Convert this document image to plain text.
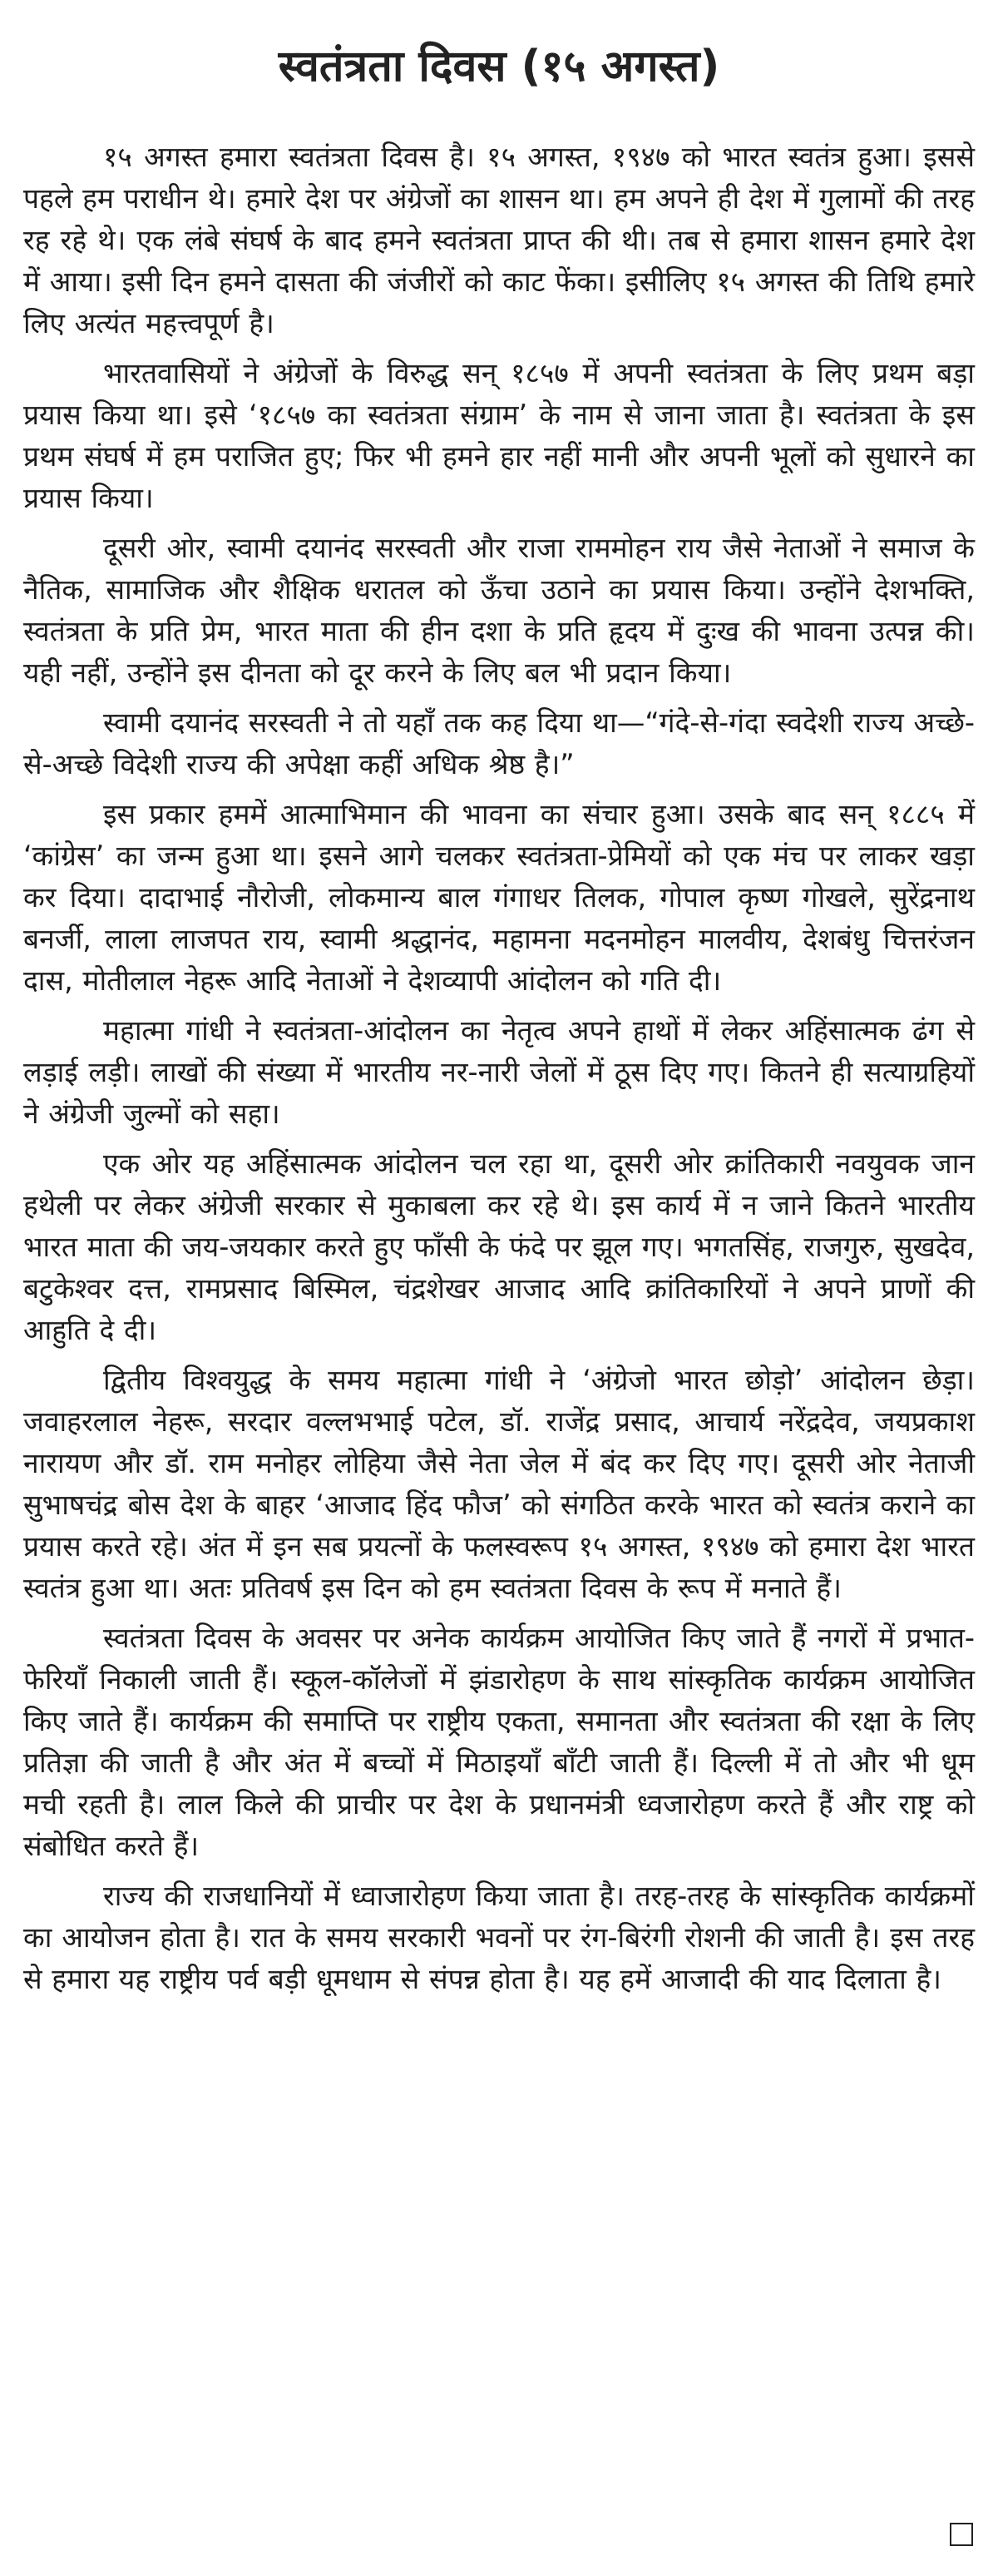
स्वतंत्रता दिवस (१५ अगस्त)

१५ अगस्त हमारा स्वतंत्रता दिवस है। १५ अगस्त, १९४७ को भारत स्वतंत्र हुआ। इससे पहले हम पराधीन थे। हमारे देश पर अंग्रेजों का शासन था। हम अपने ही देश में गुलामों की तरह रह रहे थे। एक लंबे संघर्ष के बाद हमने स्वतंत्रता प्राप्त की थी। तब से हमारा शासन हमारे देश में आया। इसी दिन हमने दासता की जंजीरों को काट फेंका। इसीलिए १५ अगस्त की तिथि हमारे लिए अत्यंत महत्त्वपूर्ण है।

भारतवासियों ने अंग्रेजों के विरुद्ध सन् १८५७ में अपनी स्वतंत्रता के लिए प्रथम बड़ा प्रयास किया था। इसे ‘१८५७ का स्वतंत्रता संग्राम’ के नाम से जाना जाता है। स्वतंत्रता के इस प्रथम संघर्ष में हम पराजित हुए; फिर भी हमने हार नहीं मानी और अपनी भूलों को सुधारने का प्रयास किया।

दूसरी ओर, स्वामी दयानंद सरस्वती और राजा राममोहन राय जैसे नेताओं ने समाज के नैतिक, सामाजिक और शैक्षिक धरातल को ऊँचा उठाने का प्रयास किया। उन्होंने देशभक्ति, स्वतंत्रता के प्रति प्रेम, भारत माता की हीन दशा के प्रति हृदय में दुःख की भावना उत्पन्न की। यही नहीं, उन्होंने इस दीनता को दूर करने के लिए बल भी प्रदान किया।

स्वामी दयानंद सरस्वती ने तो यहाँ तक कह दिया था—“गंदे-से-गंदा स्वदेशी राज्य अच्छे-से-अच्छे विदेशी राज्य की अपेक्षा कहीं अधिक श्रेष्ठ है।”

इस प्रकार हममें आत्माभिमान की भावना का संचार हुआ। उसके बाद सन् १८८५ में ‘कांग्रेस’ का जन्म हुआ था। इसने आगे चलकर स्वतंत्रता-प्रेमियों को एक मंच पर लाकर खड़ा कर दिया। दादाभाई नौरोजी, लोकमान्य बाल गंगाधर तिलक, गोपाल कृष्ण गोखले, सुरेंद्रनाथ बनर्जी, लाला लाजपत राय, स्वामी श्रद्धानंद, महामना मदनमोहन मालवीय, देशबंधु चित्तरंजन दास, मोतीलाल नेहरू आदि नेताओं ने देशव्यापी आंदोलन को गति दी।

महात्मा गांधी ने स्वतंत्रता-आंदोलन का नेतृत्व अपने हाथों में लेकर अहिंसात्मक ढंग से लड़ाई लड़ी। लाखों की संख्या में भारतीय नर-नारी जेलों में ठूस दिए गए। कितने ही सत्याग्रहियों ने अंग्रेजी जुल्मों को सहा।

एक ओर यह अहिंसात्मक आंदोलन चल रहा था, दूसरी ओर क्रांतिकारी नवयुवक जान हथेली पर लेकर अंग्रेजी सरकार से मुकाबला कर रहे थे। इस कार्य में न जाने कितने भारतीय भारत माता की जय-जयकार करते हुए फाँसी के फंदे पर झूल गए। भगतसिंह, राजगुरु, सुखदेव, बटुकेश्वर दत्त, रामप्रसाद बिस्मिल, चंद्रशेखर आजाद आदि क्रांतिकारियों ने अपने प्राणों की आहुति दे दी।

द्वितीय विश्वयुद्ध के समय महात्मा गांधी ने ‘अंग्रेजो भारत छोड़ो’ आंदोलन छेड़ा। जवाहरलाल नेहरू, सरदार वल्लभभाई पटेल, डॉ. राजेंद्र प्रसाद, आचार्य नरेंद्रदेव, जयप्रकाश नारायण और डॉ. राम मनोहर लोहिया जैसे नेता जेल में बंद कर दिए गए। दूसरी ओर नेताजी सुभाषचंद्र बोस देश के बाहर ‘आजाद हिंद फौज’ को संगठित करके भारत को स्वतंत्र कराने का प्रयास करते रहे। अंत में इन सब प्रयत्नों के फलस्वरूप १५ अगस्त, १९४७ को हमारा देश भारत स्वतंत्र हुआ था। अतः प्रतिवर्ष इस दिन को हम स्वतंत्रता दिवस के रूप में मनाते हैं।

स्वतंत्रता दिवस के अवसर पर अनेक कार्यक्रम आयोजित किए जाते हैं नगरों में प्रभात-फेरियाँ निकाली जाती हैं। स्कूल-कॉलेजों में झंडारोहण के साथ सांस्कृतिक कार्यक्रम आयोजित किए जाते हैं। कार्यक्रम की समाप्ति पर राष्ट्रीय एकता, समानता और स्वतंत्रता की रक्षा के लिए प्रतिज्ञा की जाती है और अंत में बच्चों में मिठाइयाँ बाँटी जाती हैं। दिल्ली में तो और भी धूम मची रहती है। लाल किले की प्राचीर पर देश के प्रधानमंत्री ध्वजारोहण करते हैं और राष्ट्र को संबोधित करते हैं।

राज्य की राजधानियों में ध्वाजारोहण किया जाता है। तरह-तरह के सांस्कृतिक कार्यक्रमों का आयोजन होता है। रात के समय सरकारी भवनों पर रंग-बिरंगी रोशनी की जाती है। इस तरह से हमारा यह राष्ट्रीय पर्व बड़ी धूमधाम से संपन्न होता है। यह हमें आजादी की याद दिलाता है।
